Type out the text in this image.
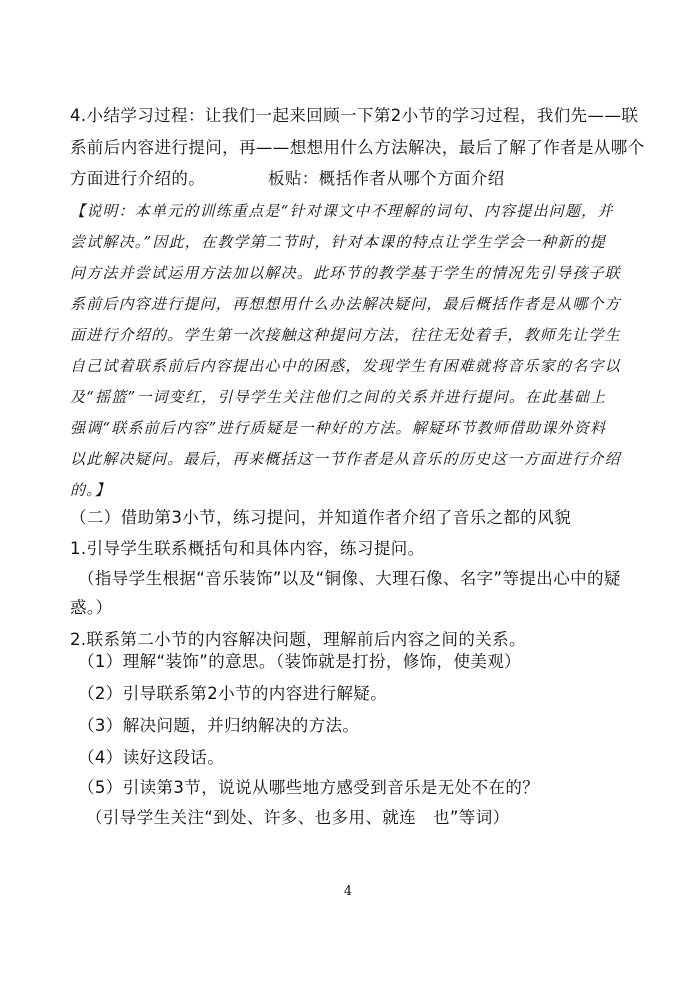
4.小结学习过程：让我们一起来回顾一下第2小节的学习过程，我们先——联
系前后内容进行提问，再——想想用什么方法解决，最后了解了作者是从哪个
方面进行介绍的。	板贴：概括作者从哪个方面介绍
【说明：本单元的训练重点是“针对课文中不理解的词句、内容提出问题，并
尝试解决。”因此，在教学第二节时，针对本课的特点让学生学会一种新的提
问方法并尝试运用方法加以解决。此环节的教学基于学生的情况先引导孩子联
系前后内容进行提问，再想想用什么办法解决疑问，最后概括作者是从哪个方
面进行介绍的。学生第一次接触这种提问方法，往往无处着手，教师先让学生
自己试着联系前后内容提出心中的困惑，发现学生有困难就将音乐家的名字以
及“摇篮”一词变红，引导学生关注他们之间的关系并进行提问。在此基础上
强调“联系前后内容”进行质疑是一种好的方法。解疑环节教师借助课外资料
以此解决疑问。最后，再来概括这一节作者是从音乐的历史这一方面进行介绍
的。】
（二）借助第3小节，练习提问，并知道作者介绍了音乐之都的风貌
1.引导学生联系概括句和具体内容，练习提问。
（指导学生根据“音乐装饰”以及“铜像、大理石像、名字”等提出心中的疑
惑。）
2.联系第二小节的内容解决问题，理解前后内容之间的关系。
（1）理解“装饰”的意思。（装饰就是打扮，修饰，使美观）
（2）引导联系第2小节的内容进行解疑。
（3）解决问题，并归纳解决的方法。
（4）读好这段话。
（5）引读第3节，说说从哪些地方感受到音乐是无处不在的？
（引导学生关注“到处、许多、也多用、就连　也”等词）
4
